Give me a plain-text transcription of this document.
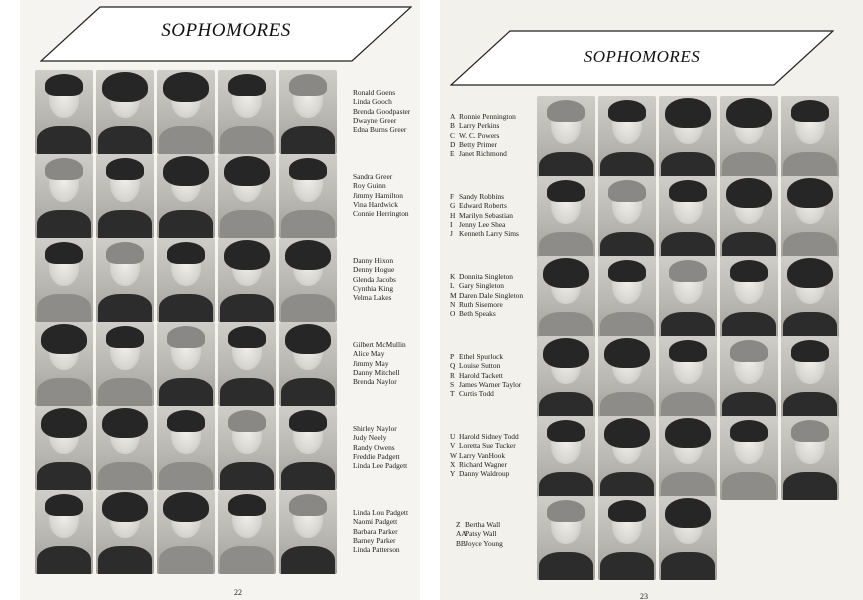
SOPHOMORES
Ronald Goens
Linda Gooch
Brenda Goodpaster
Dwayne Greer
Edna Burns Greer
Sandra Greer
Roy Guinn
Jimmy Hamilton
Vina Hardwick
Connie Herrington
Danny Hixon
Denny Hogue
Glenda Jacobs
Cynthia King
Velma Lakes
Gilbert McMullin
Alice May
Jimmy May
Danny Mitchell
Brenda Naylor
Shirley Naylor
Judy Neely
Randy Owens
Freddie Padgett
Linda Lee Padgett
Linda Lou Padgett
Naomi Padgett
Barbara Parker
Barney Parker
Linda Patterson
22
SOPHOMORES
A Ronnie Pennington
B Larry Perkins
C W. C. Powers
D Betty Primer
E Janet Richmond
F Sandy Robbins
G Edward Roberts
H Marilyn Sebastian
I Jenny Lee Shea
J Kenneth Larry Sims
K Donnita Singleton
L Gary Singleton
M Daren Dale Singleton
N Ruth Sisemore
O Beth Speaks
P Ethel Spurlock
Q Louise Sutton
R Harold Tackett
S James Warner Taylor
T Curtis Todd
U Harold Sidney Todd
V Loretta Sue Tucker
W Larry VanHook
X Richard Wagner
Y Danny Waldroup
Z Bertha Wall
AAPatsy Wall
BBJoyce Young
23
